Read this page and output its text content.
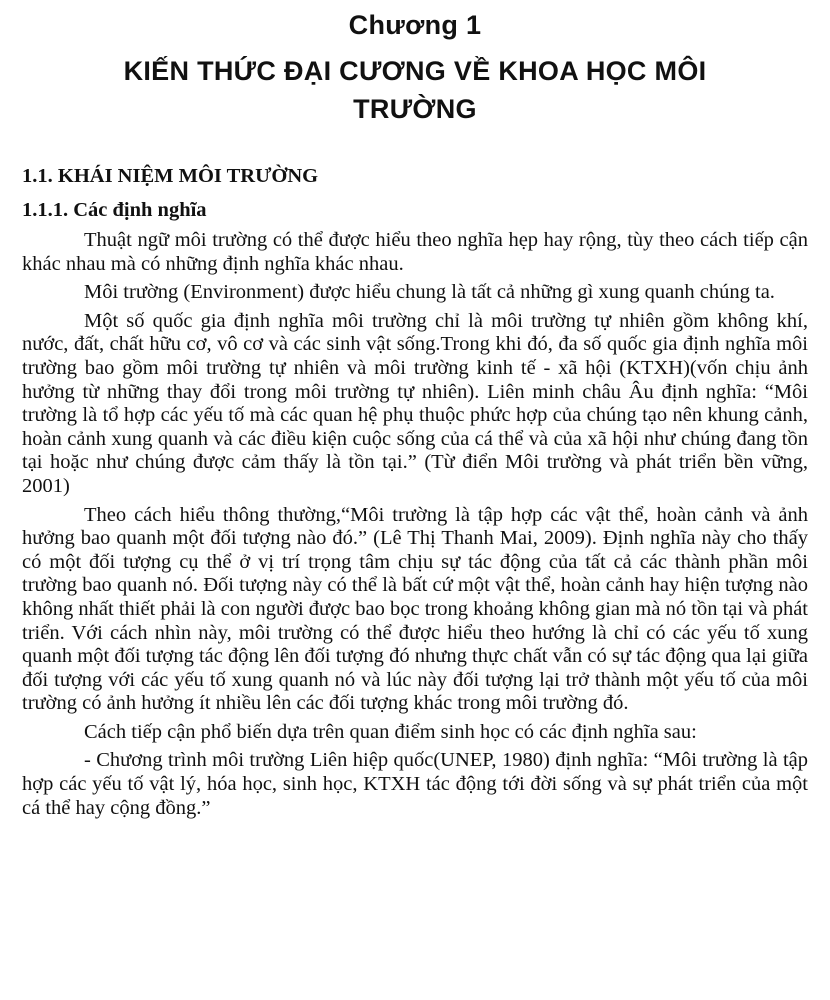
Chương 1
KIẾN THỨC ĐẠI CƯƠNG VỀ KHOA HỌC MÔI TRƯỜNG
1.1. KHÁI NIỆM MÔI TRƯỜNG
1.1.1. Các định nghĩa

Thuật ngữ môi trường có thể được hiểu theo nghĩa hẹp hay rộng, tùy theo cách tiếp cận khác nhau mà có những định nghĩa khác nhau.

Môi trường (Environment) được hiểu chung là tất cả những gì xung quanh chúng ta.

Một số quốc gia định nghĩa môi trường chỉ là môi trường tự nhiên gồm không khí, nước, đất, chất hữu cơ, vô cơ và các sinh vật sống.Trong khi đó, đa số quốc gia định nghĩa môi trường bao gồm môi trường tự nhiên và môi trường kinh tế - xã hội (KTXH)(vốn chịu ảnh hưởng từ những thay đổi trong môi trường tự nhiên). Liên minh châu Âu định nghĩa: “Môi trường là tổ hợp các yếu tố mà các quan hệ phụ thuộc phức hợp của chúng tạo nên khung cảnh, hoàn cảnh xung quanh và các điều kiện cuộc sống của cá thể và của xã hội như chúng đang tồn tại hoặc như chúng được cảm thấy là tồn tại.” (Từ điển Môi trường và phát triển bền vững, 2001)

Theo cách hiểu thông thường,“Môi trường là tập hợp các vật thể, hoàn cảnh và ảnh hưởng bao quanh một đối tượng nào đó.” (Lê Thị Thanh Mai, 2009). Định nghĩa này cho thấy có một đối tượng cụ thể ở vị trí trọng tâm chịu sự tác động của tất cả các thành phần môi trường bao quanh nó. Đối tượng này có thể là bất cứ một vật thể, hoàn cảnh hay hiện tượng nào không nhất thiết phải là con người được bao bọc trong khoảng không gian mà nó tồn tại và phát triển. Với cách nhìn này, môi trường có thể được hiểu theo hướng là chỉ có các yếu tố xung quanh một đối tượng tác động lên đối tượng đó nhưng thực chất vẫn có sự tác động qua lại giữa đối tượng với các yếu tố xung quanh nó và lúc này đối tượng lại trở thành một yếu tố của môi trường có ảnh hưởng ít nhiều lên các đối tượng khác trong môi trường đó.

Cách tiếp cận phổ biến dựa trên quan điểm sinh học có các định nghĩa sau:

- Chương trình môi trường Liên hiệp quốc(UNEP, 1980) định nghĩa: “Môi trường là tập hợp các yếu tố vật lý, hóa học, sinh học, KTXH tác động tới đời sống và sự phát triển của một cá thể hay cộng đồng.”
